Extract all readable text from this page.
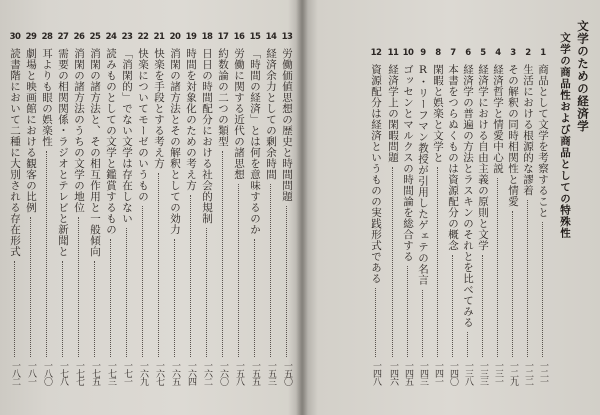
文学のための経済学
文学の商品性および商品としての特殊性
1
商品として文学を考察すること
一二一
2
生活における根源的な謬着
一二二
3
その解釈の同時相関性と情愛
一二九
4
経済哲学と情愛中心説
一三一
5
経済学における自由主義の原則と文学
一三三
6
経済学の普遍の方法とラスキンのそれとを比べてみる
一三八
7
本書をつらぬくものは資源配分の概念
一四〇
8
閑暇と娯楽と文学と
一四一
9
R・リーフマン教授が引用したゲェテの名言
一四三
10
ゴッセンとマルクスの時間論を総合する
一四五
11
経済学上の閑暇問題
一四六
12
資源配分は経済というものの実践形式である
一四八
13
労働価値思想の歴史と時間問題
一五〇
14
経済余力としての剰余時間
一五三
15
「時間の経済」とは何を意味するのか
一五五
16
労働に関する近代の諸思想
一五八
17
約数論の二つの類型
一六〇
18
日日の時間配分における社会的規制
一六二
19
時間を対象化のための考え方
一六四
20
消閑の諸方法とその解釈としての効力
一六五
21
快楽を手段とする考え方
一六七
22
快楽についてモーゼのいうもの
一六九
23
「消閑的」でない文学は存在しない
一七一
24
読みものとしての文学と鑑賞するもの
一七三
25
消閑の諸方法と、その相互作用と一般傾向
一七五
26
消閑の諸方法のうちの文学の地位
一七七
27
需要の相関関係・ラジオとテレビと新聞と
一七八
28
耳よりも眼の娯楽性
一八〇
29
劇場と映画館における観客の比例
一八一
30
読書階において二種に大別される存在形式
一八二
